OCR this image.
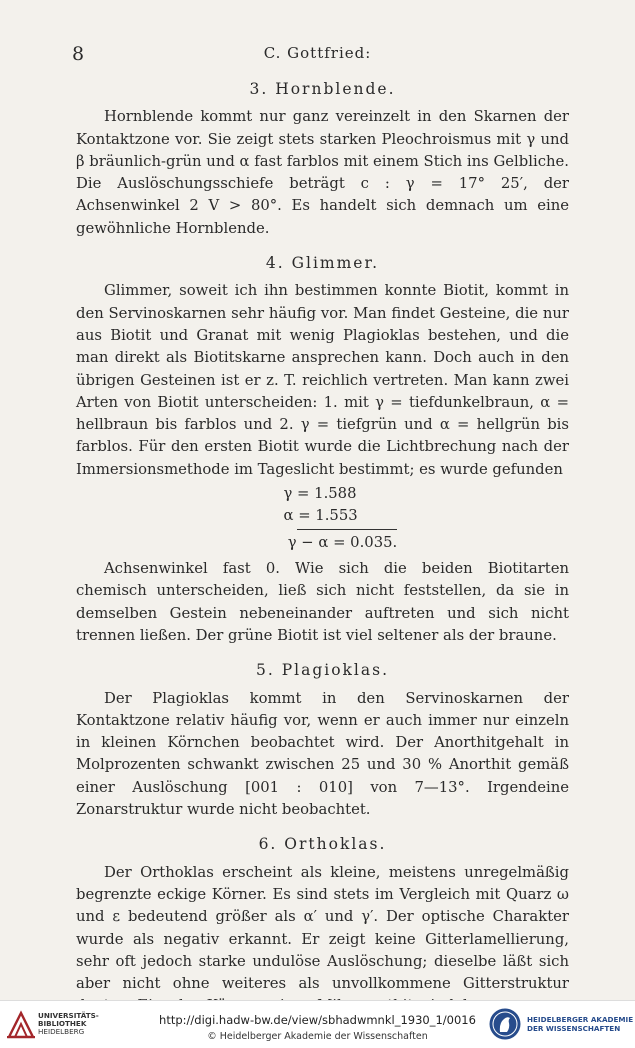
8	C. Gottfried:
3. Hornblende.

Hornblende kommt nur ganz vereinzelt in den Skarnen der Kontaktzone vor. Sie zeigt stets starken Pleochroismus mit γ und β bräunlich-grün und α fast farblos mit einem Stich ins Gelbliche. Die Auslöschungsschiefe beträgt c : γ = 17° 25′, der Achsenwinkel 2 V > 80°. Es handelt sich demnach um eine gewöhnliche Hornblende.

4. Glimmer.

Glimmer, soweit ich ihn bestimmen konnte Biotit, kommt in den Servinoskarnen sehr häufig vor. Man findet Gesteine, die nur aus Biotit und Granat mit wenig Plagioklas bestehen, und die man direkt als Biotitskarne ansprechen kann. Doch auch in den übrigen Gesteinen ist er z. T. reichlich vertreten. Man kann zwei Arten von Biotit unterscheiden: 1. mit γ = tiefdunkelbraun, α = hellbraun bis farblos und 2. γ = tiefgrün und α = hellgrün bis farblos. Für den ersten Biotit wurde die Lichtbrechung nach der Immersionsmethode im Tageslicht bestimmt; es wurde gefunden

γ = 1.588
α = 1.553
γ − α = 0.035.

Achsenwinkel fast 0. Wie sich die beiden Biotitarten chemisch unterscheiden, ließ sich nicht feststellen, da sie in demselben Gestein nebeneinander auftreten und sich nicht trennen ließen. Der grüne Biotit ist viel seltener als der braune.

5. Plagioklas.

Der Plagioklas kommt in den Servinoskarnen der Kontaktzone relativ häufig vor, wenn er auch immer nur einzeln in kleinen Körnchen beobachtet wird. Der Anorthitgehalt in Molprozenten schwankt zwischen 25 und 30 % Anorthit gemäß einer Auslöschung [001 : 010] von 7—13°. Irgendeine Zonarstruktur wurde nicht beobachtet.

6. Orthoklas.

Der Orthoklas erscheint als kleine, meistens unregelmäßig begrenzte eckige Körner. Es sind stets im Vergleich mit Quarz ω und ε bedeutend größer als α′ und γ′. Der optische Charakter wurde als negativ erkannt. Er zeigt keine Gitterlamellierung, sehr oft jedoch starke undulöse Auslöschung; dieselbe läßt sich aber nicht ohne weiteres als unvollkommene Gitterstruktur

UNIVERSITÄTS-
BIBLIOTHEK
HEIDELBERG
http://digi.hadw-bw.de/view/sbhadwmnkl_1930_1/0016
© Heidelberger Akademie der Wissenschaften
HEIDELBERGER AKADEMIE
DER WISSENSCHAFTEN
